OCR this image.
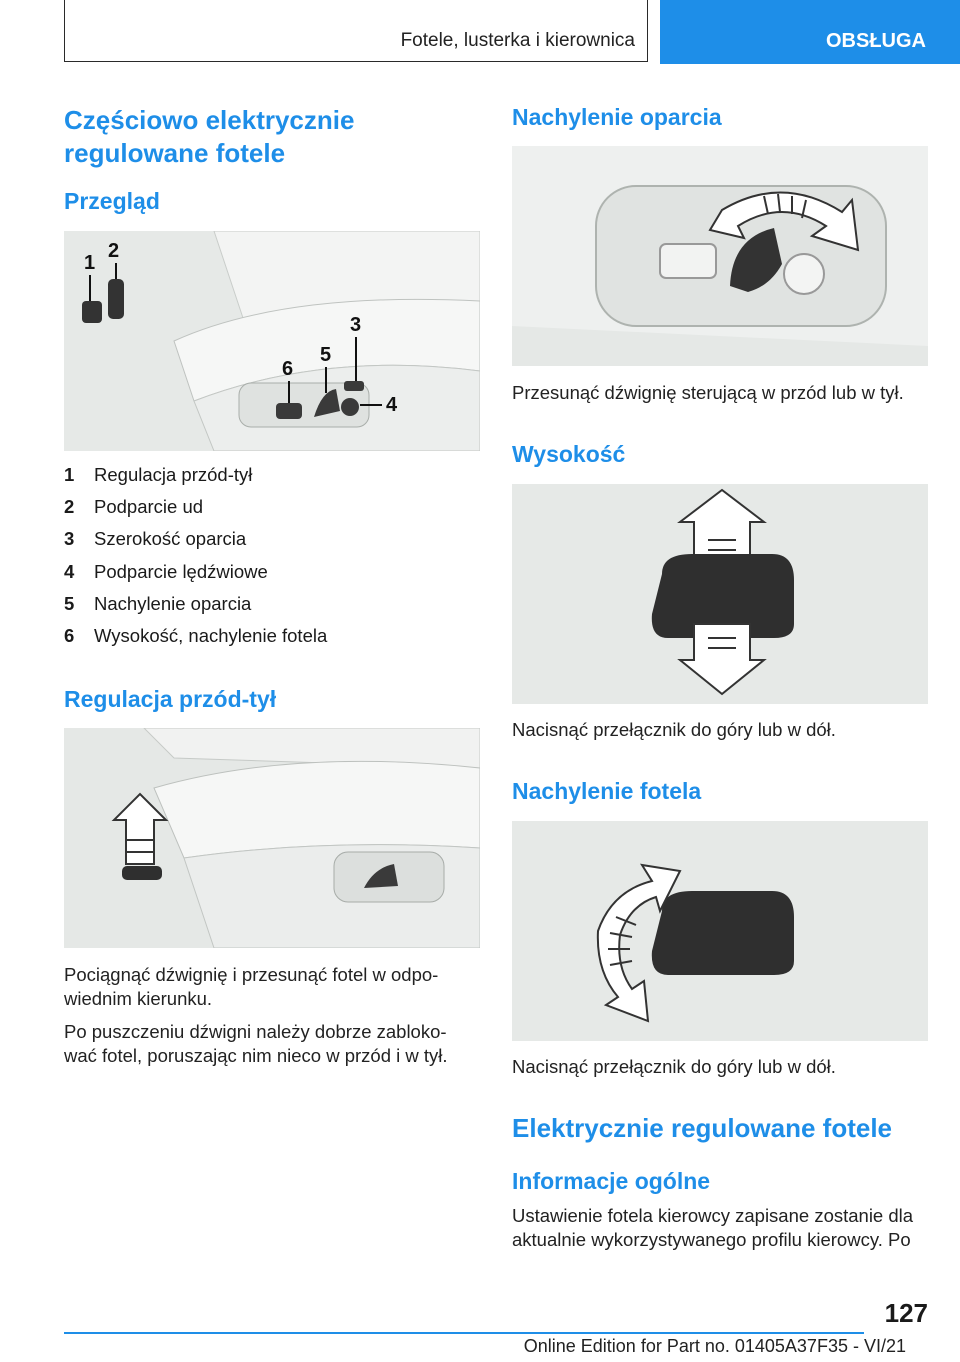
Fotele, lusterka i kierownica	OBSŁUGA
Częściowo elektrycznie
regulowane fotele
Przegląd
1
2
3
4
5
6
1	Regulacja przód-tył
2	Podparcie ud
3	Szerokość oparcia
4	Podparcie lędźwiowe
5	Nachylenie oparcia
6	Wysokość, nachylenie fotela
Regulacja przód-tył
Pociągnąć dźwignię i przesunąć fotel w odpo-
wiednim kierunku.
Po puszczeniu dźwigni należy dobrze zabloko-
wać fotel, poruszając nim nieco w przód i w tył.
Nachylenie oparcia
Przesunąć dźwignię sterującą w przód lub w tył.
Wysokość
Nacisnąć przełącznik do góry lub w dół.
Nachylenie fotela
Nacisnąć przełącznik do góry lub w dół.
Elektrycznie regulowane fotele
Informacje ogólne
Ustawienie fotela kierowcy zapisane zostanie dla
aktualnie wykorzystywanego profilu kierowcy. Po
127
Online Edition for Part no. 01405A37F35 - VI/21
